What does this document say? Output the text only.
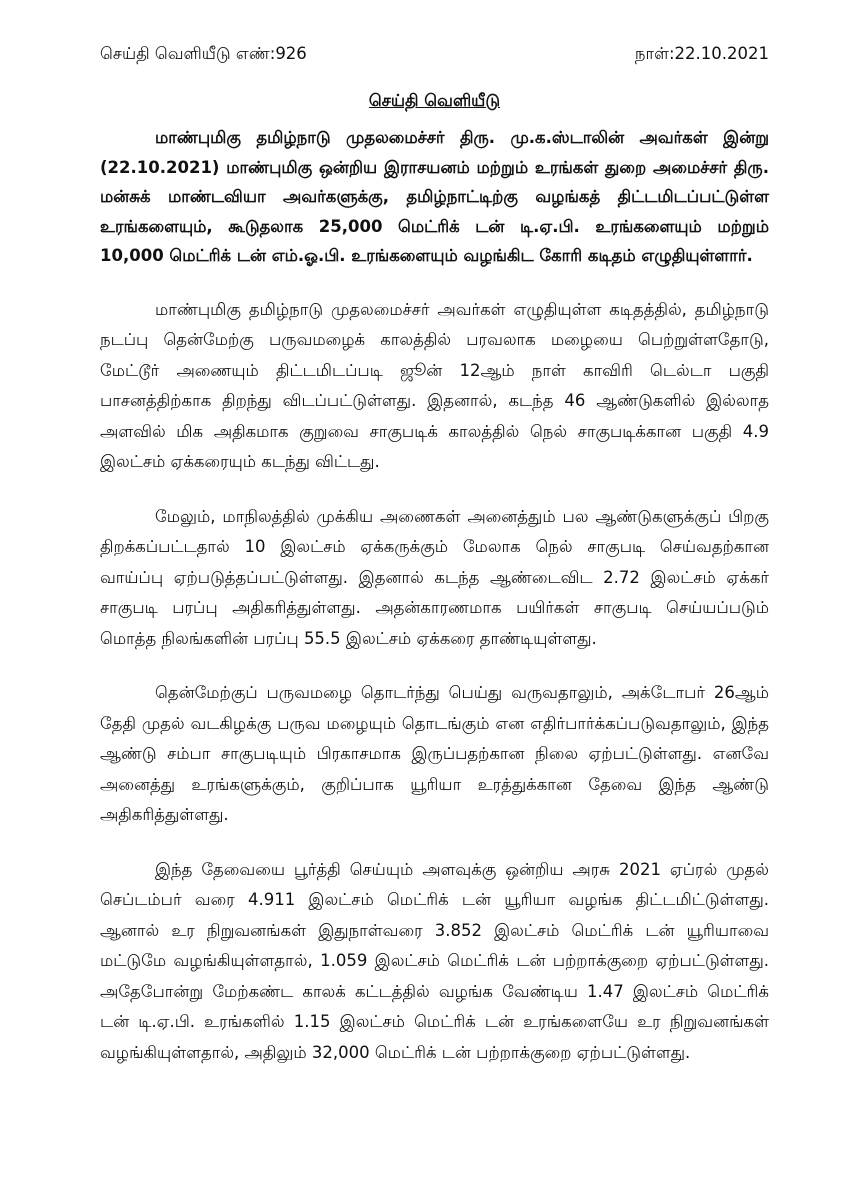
செய்தி வெளியீடு எண்:926	நாள்:22.10.2021
செய்தி வெளியீடு

மாண்புமிகு தமிழ்நாடு முதலமைச்சர் திரு. மு.க.ஸ்டாலின் அவர்கள் இன்று (22.10.2021) மாண்புமிகு ஒன்றிய இராசயனம் மற்றும் உரங்கள் துறை அமைச்சர் திரு. மன்சுக் மாண்டவியா அவர்களுக்கு, தமிழ்நாட்டிற்கு வழங்கத் திட்டமிடப்பட்டுள்ள உரங்களையும், கூடுதலாக 25,000 மெட்ரிக் டன் டி.ஏ.பி. உரங்களையும் மற்றும் 10,000 மெட்ரிக் டன் எம்.ஓ.பி. உரங்களையும் வழங்கிட கோரி கடிதம் எழுதியுள்ளார்.

மாண்புமிகு தமிழ்நாடு முதலமைச்சர் அவர்கள் எழுதியுள்ள கடிதத்தில், தமிழ்நாடு நடப்பு தென்மேற்கு பருவமழைக் காலத்தில் பரவலாக மழையை பெற்றுள்ளதோடு, மேட்டூர் அணையும் திட்டமிடப்படி ஜூன் 12ஆம் நாள் காவிரி டெல்டா பகுதி பாசனத்திற்காக திறந்து விடப்பட்டுள்ளது. இதனால், கடந்த 46 ஆண்டுகளில் இல்லாத அளவில் மிக அதிகமாக குறுவை சாகுபடிக் காலத்தில் நெல் சாகுபடிக்கான பகுதி 4.9 இலட்சம் ஏக்கரையும் கடந்து விட்டது.

மேலும், மாநிலத்தில் முக்கிய அணைகள் அனைத்தும் பல ஆண்டுகளுக்குப் பிறகு திறக்கப்பட்டதால் 10 இலட்சம் ஏக்கருக்கும் மேலாக நெல் சாகுபடி செய்வதற்கான வாய்ப்பு ஏற்படுத்தப்பட்டுள்ளது. இதனால் கடந்த ஆண்டைவிட 2.72 இலட்சம் ஏக்கர் சாகுபடி பரப்பு அதிகரித்துள்ளது. அதன்காரணமாக பயிர்கள் சாகுபடி செய்யப்படும் மொத்த நிலங்களின் பரப்பு 55.5 இலட்சம் ஏக்கரை தாண்டியுள்ளது.

தென்மேற்குப் பருவமழை தொடர்ந்து பெய்து வருவதாலும், அக்டோபர் 26ஆம் தேதி முதல் வடகிழக்கு பருவ மழையும் தொடங்கும் என எதிர்பார்க்கப்படுவதாலும், இந்த ஆண்டு சம்பா சாகுபடியும் பிரகாசமாக இருப்பதற்கான நிலை ஏற்பட்டுள்ளது. எனவே அனைத்து உரங்களுக்கும், குறிப்பாக யூரியா உரத்துக்கான தேவை இந்த ஆண்டு அதிகரித்துள்ளது.

இந்த தேவையை பூர்த்தி செய்யும் அளவுக்கு ஒன்றிய அரசு 2021 ஏப்ரல் முதல் செப்டம்பர் வரை 4.911 இலட்சம் மெட்ரிக் டன் யூரியா வழங்க திட்டமிட்டுள்ளது. ஆனால் உர நிறுவனங்கள் இதுநாள்வரை 3.852 இலட்சம் மெட்ரிக் டன் யூரியாவை மட்டுமே வழங்கியுள்ளதால், 1.059 இலட்சம் மெட்ரிக் டன் பற்றாக்குறை ஏற்பட்டுள்ளது. அதேபோன்று மேற்கண்ட காலக் கட்டத்தில் வழங்க வேண்டிய 1.47 இலட்சம் மெட்ரிக் டன் டி.ஏ.பி. உரங்களில் 1.15 இலட்சம் மெட்ரிக் டன் உரங்களையே உர நிறுவனங்கள் வழங்கியுள்ளதால், அதிலும் 32,000 மெட்ரிக் டன் பற்றாக்குறை ஏற்பட்டுள்ளது.
